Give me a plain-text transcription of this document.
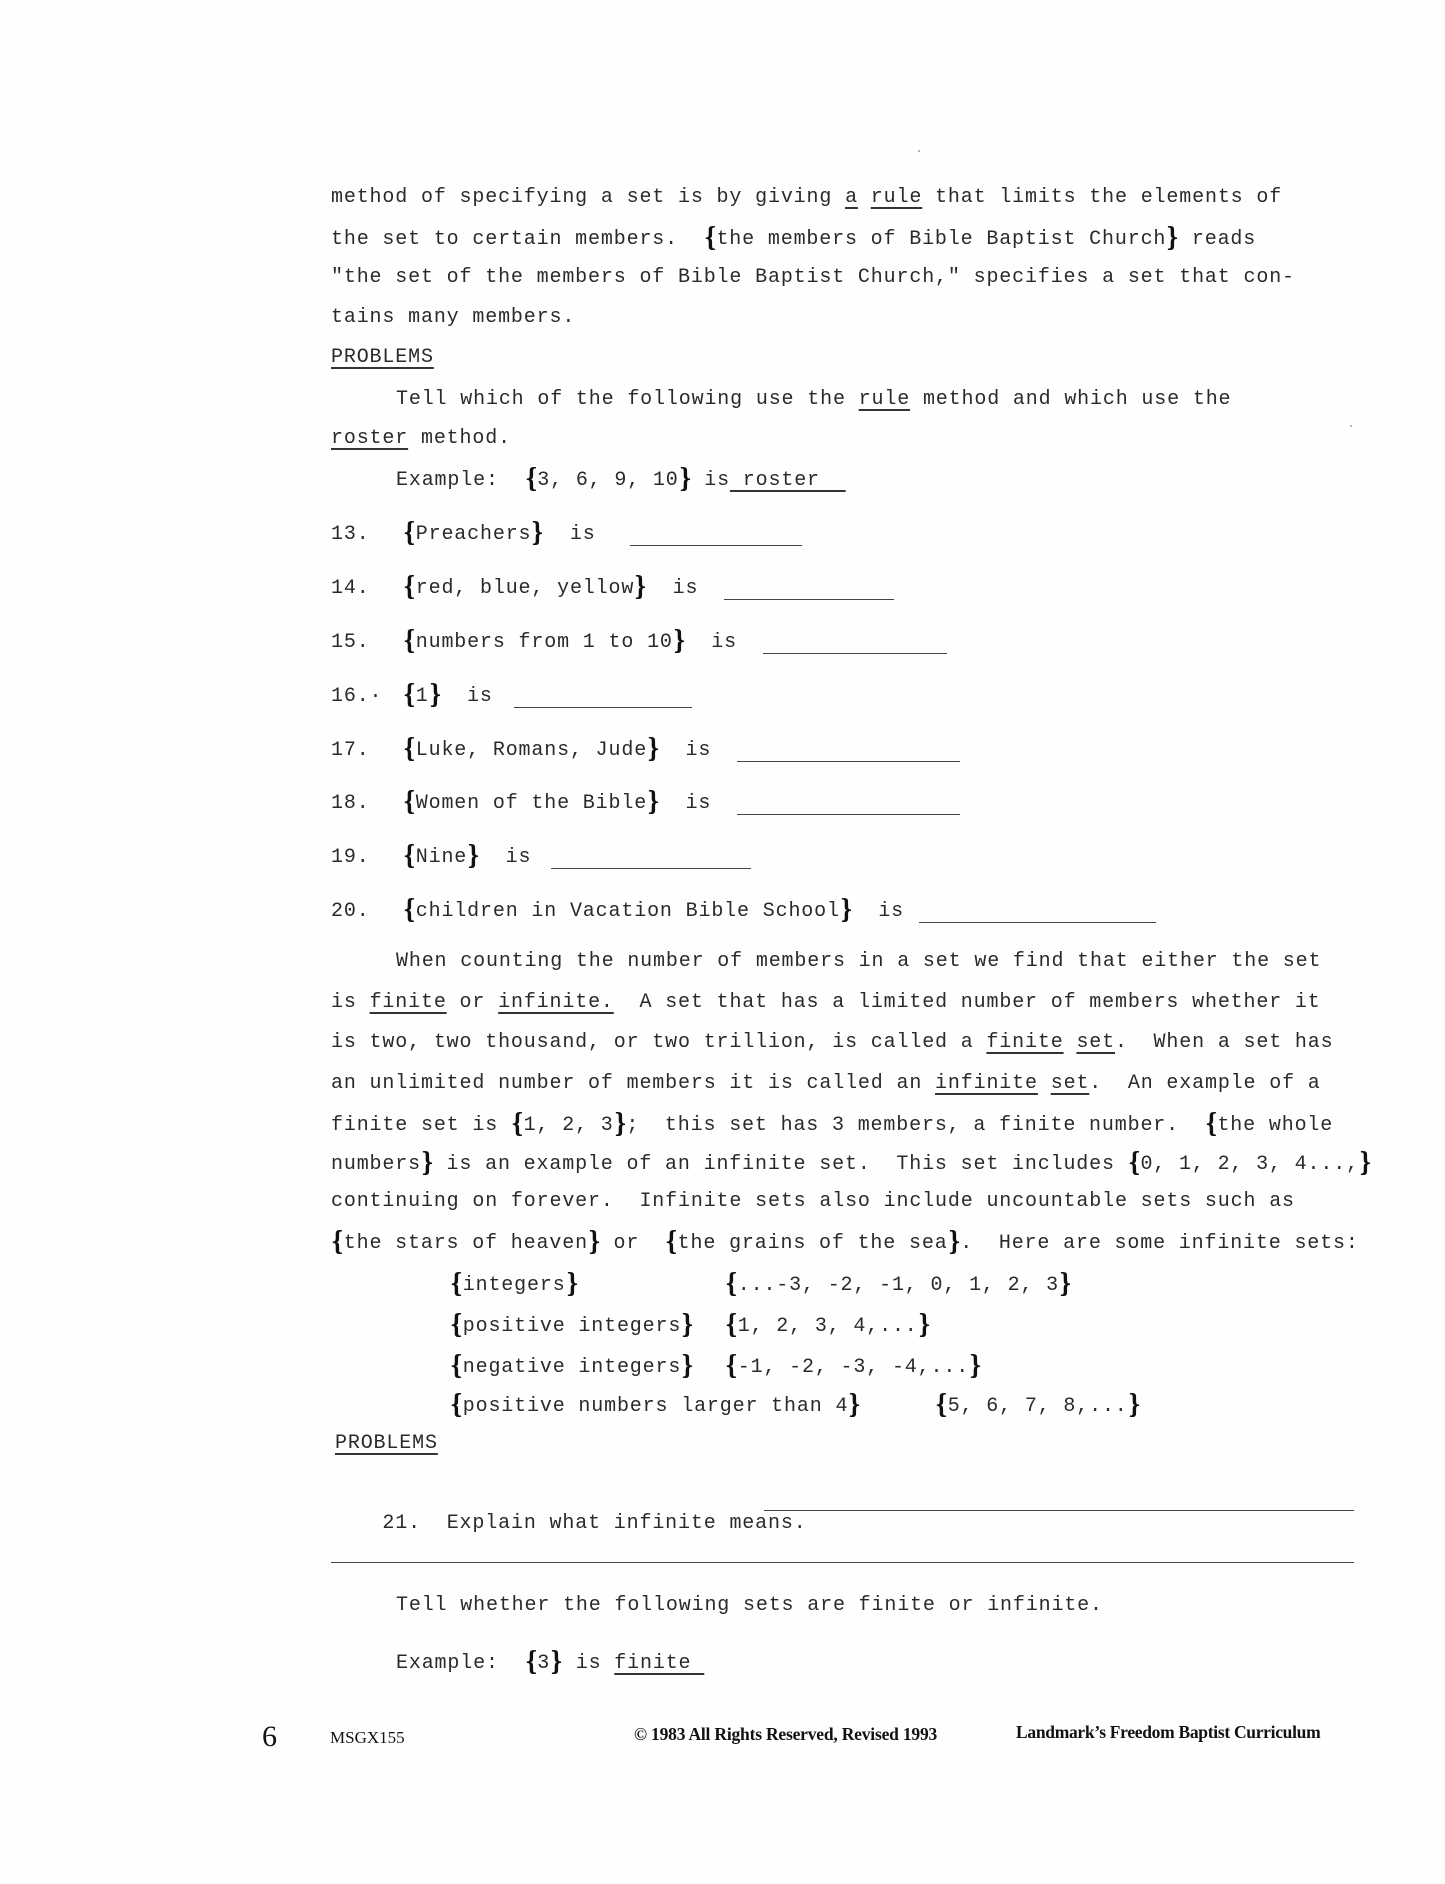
method of specifying a set is by giving a rule that limits the elements of
the set to certain members.  {the members of Bible Baptist Church} reads
"the set of the members of Bible Baptist Church," specifies a set that con-
tains many members.
PROBLEMS
Tell which of the following use the rule method and which use the
roster method.
Example:  {3, 6, 9, 10} is roster
13. {Preachers} is
14. {red, blue, yellow} is
15. {numbers from 1 to 10} is
16.· {1} is
17. {Luke, Romans, Jude} is
18. {Women of the Bible} is
19. {Nine} is
20. {children in Vacation Bible School} is
When counting the number of members in a set we find that either the set
is finite or infinite.  A set that has a limited number of members whether it
is two, two thousand, or two trillion, is called a finite set.  When a set has
an unlimited number of members it is called an infinite set.  An example of a
finite set is {1, 2, 3};  this set has 3 members, a finite number.  {the whole
numbers} is an example of an infinite set.  This set includes {0, 1, 2, 3, 4...,}
continuing on forever.  Infinite sets also include uncountable sets such as
{the stars of heaven} or  {the grains of the sea}.  Here are some infinite sets:
{integers}	{...-3, -2, -1, 0, 1, 2, 3}
{positive integers} {1, 2, 3, 4,...}
{negative integers} {-1, -2, -3, -4,...}
{positive numbers larger than 4}	{5, 6, 7, 8,...}
PROBLEMS

21. Explain what infinite means.

Tell whether the following sets are finite or infinite.
Example:  {3} is finite
6	MSGX155	© 1983 All Rights Reserved, Revised 1993	Landmark’s Freedom Baptist Curriculum
